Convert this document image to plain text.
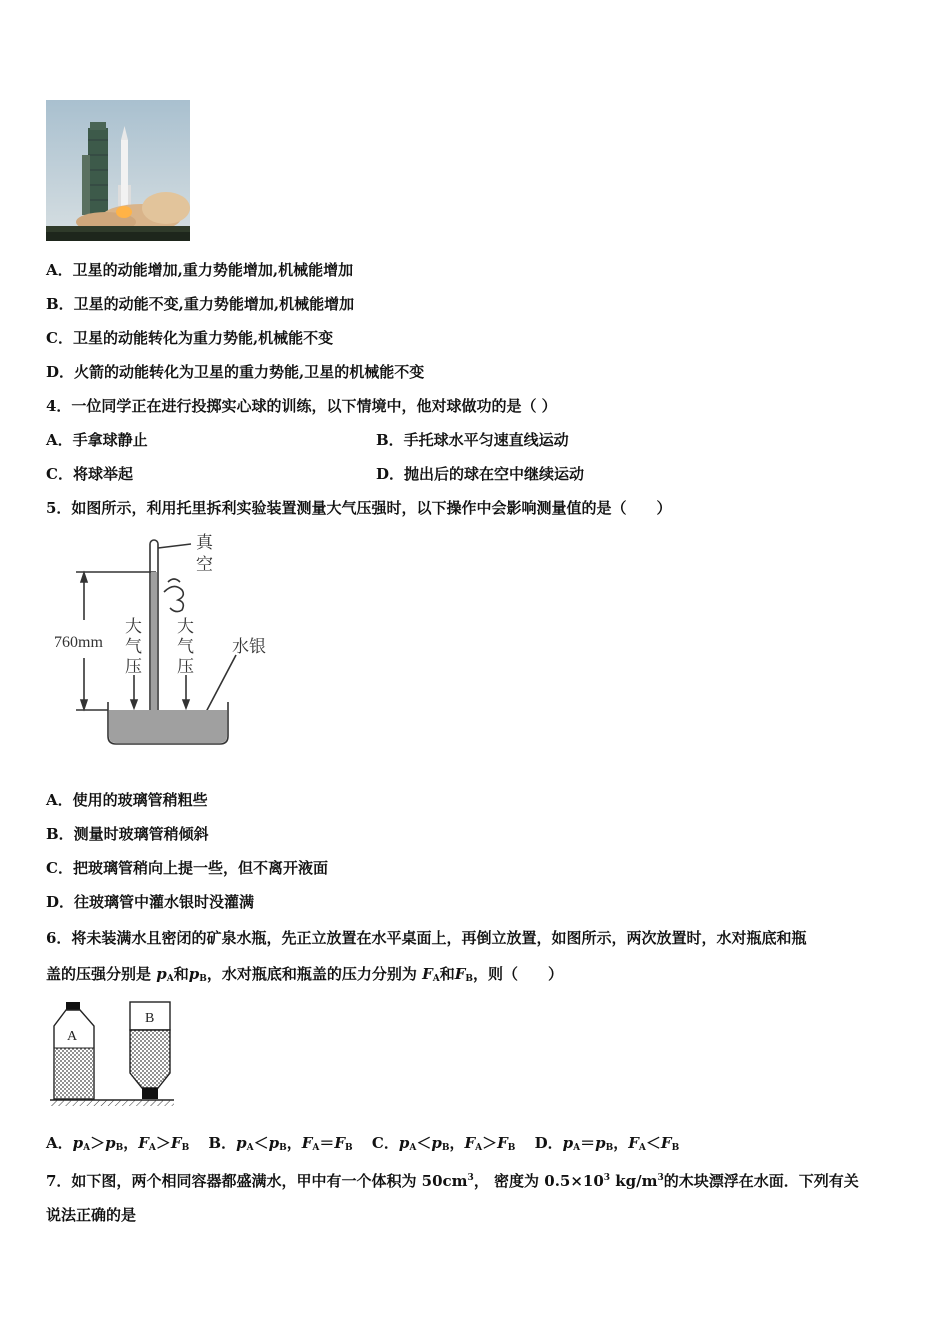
A．卫星的动能增加,重力势能增加,机械能增加
B．卫星的动能不变,重力势能增加,机械能增加
C．卫星的动能转化为重力势能,机械能不变
D．火箭的动能转化为卫星的重力势能,卫星的机械能不变
4．一位同学正在进行投掷实心球的训练，以下情境中，他对球做功的是（ ）
A．手拿球静止	B．手托球水平匀速直线运动
C．将球举起	D．抛出后的球在空中继续运动
5．如图所示，利用托里拆利实验装置测量大气压强时，以下操作中会影响测量值的是（　　）
760mm
真
空
大
气
压
大
气
压
水银
A．使用的玻璃管稍粗些
B．测量时玻璃管稍倾斜
C．把玻璃管稍向上提一些，但不离开液面
D．往玻璃管中灌水银时没灌满
6．将未装满水且密闭的矿泉水瓶，先正立放置在水平桌面上，再倒立放置，如图所示，两次放置时，水对瓶底和瓶
盖的压强分别是 $p_A$和$p_B$，水对瓶底和瓶盖的压力分别为 $F_A$和$F_B$，则（　　）
A
B
A．$p_A>p_B$，$F_A>F_B$ B．$p_A<p_B$，$F_A=F_B$ C．$p_A<p_B$，$F_A>F_B$ D．$p_A=p_B$，$F_A<F_B$
7．如下图，两个相同容器都盛满水，甲中有一个体积为 $50cm^3$， 密度为 $0.5\times 10^3$ $kg/m^3$的木块漂浮在水面．下列有关
说法正确的是
